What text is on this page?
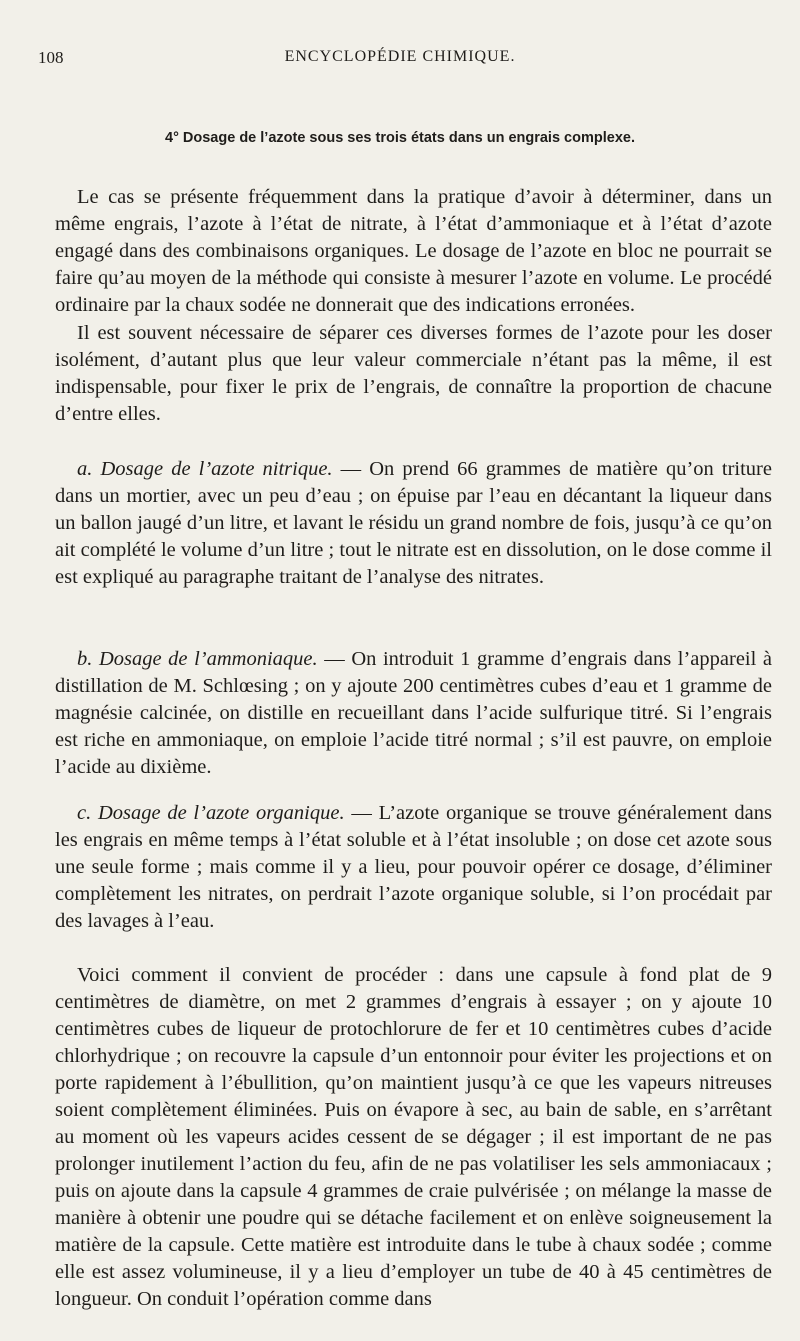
108	ENCYCLOPÉDIE CHIMIQUE.
4° Dosage de l’azote sous ses trois états dans un engrais complexe.

Le cas se présente fréquemment dans la pratique d’avoir à déterminer, dans un même engrais, l’azote à l’état de nitrate, à l’état d’ammoniaque et à l’état d’azote engagé dans des combinaisons organiques. Le dosage de l’azote en bloc ne pourrait se faire qu’au moyen de la méthode qui consiste à mesurer l’azote en volume. Le procédé ordinaire par la chaux sodée ne donnerait que des indications erronées.

Il est souvent nécessaire de séparer ces diverses formes de l’azote pour les doser isolément, d’autant plus que leur valeur commerciale n’étant pas la même, il est indispensable, pour fixer le prix de l’engrais, de connaître la proportion de chacune d’entre elles.

a. Dosage de l’azote nitrique. — On prend 66 grammes de matière qu’on triture dans un mortier, avec un peu d’eau ; on épuise par l’eau en décantant la liqueur dans un ballon jaugé d’un litre, et lavant le résidu un grand nombre de fois, jusqu’à ce qu’on ait complété le volume d’un litre ; tout le nitrate est en dissolution, on le dose comme il est expliqué au paragraphe traitant de l’analyse des nitrates.

b. Dosage de l’ammoniaque. — On introduit 1 gramme d’engrais dans l’appareil à distillation de M. Schlœsing ; on y ajoute 200 centimètres cubes d’eau et 1 gramme de magnésie calcinée, on distille en recueillant dans l’acide sulfurique titré. Si l’engrais est riche en ammoniaque, on emploie l’acide titré normal ; s’il est pauvre, on emploie l’acide au dixième.

c. Dosage de l’azote organique. — L’azote organique se trouve généralement dans les engrais en même temps à l’état soluble et à l’état insoluble ; on dose cet azote sous une seule forme ; mais comme il y a lieu, pour pouvoir opérer ce dosage, d’éliminer complètement les nitrates, on perdrait l’azote organique soluble, si l’on procédait par des lavages à l’eau.

Voici comment il convient de procéder : dans une capsule à fond plat de 9 centimètres de diamètre, on met 2 grammes d’engrais à essayer ; on y ajoute 10 centimètres cubes de liqueur de protochlorure de fer et 10 centimètres cubes d’acide chlorhydrique ; on recouvre la capsule d’un entonnoir pour éviter les projections et on porte rapidement à l’ébullition, qu’on maintient jusqu’à ce que les vapeurs nitreuses soient complètement éliminées. Puis on évapore à sec, au bain de sable, en s’arrêtant au moment où les vapeurs acides cessent de se dégager ; il est important de ne pas prolonger inutilement l’action du feu, afin de ne pas volatiliser les sels ammoniacaux ; puis on ajoute dans la capsule 4 grammes de craie pulvérisée ; on mélange la masse de manière à obtenir une poudre qui se détache facilement et on enlève soigneusement la matière de la capsule. Cette matière est introduite dans le tube à chaux sodée ; comme elle est assez volumineuse, il y a lieu d’employer un tube de 40 à 45 centimètres de longueur. On conduit l’opération comme dans
